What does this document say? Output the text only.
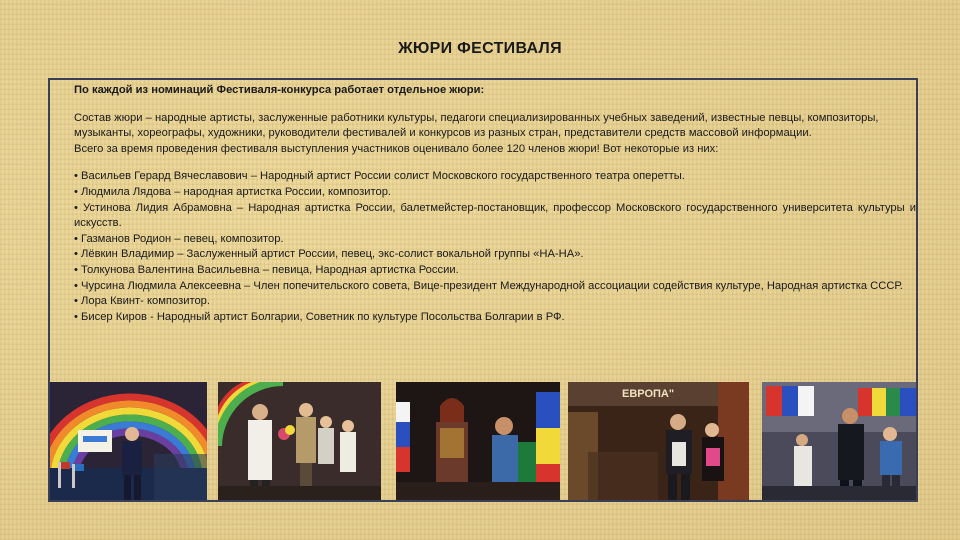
ЖЮРИ ФЕСТИВАЛЯ

По каждой из номинаций Фестиваля-конкурса работает отдельное жюри:

Состав жюри – народные артисты, заслуженные работники культуры, педагоги специализированных учебных заведений, известные певцы, композиторы, музыканты, хореографы, художники, руководители фестивалей и конкурсов из разных стран, представители средств массовой информации.

Всего за время проведения фестиваля выступления участников оценивало более 120 членов жюри! Вот некоторые из них:

• Васильев Герард Вячеславович – Народный артист России солист Московского государственного театра оперетты.

• Людмила Лядова – народная артистка России, композитор.

• Устинова Лидия Абрамовна – Народная артистка России, балетмейстер-постановщик, профессор Московского государственного университета культуры и искусств.

• Газманов Родион – певец, композитор.

• Лёвкин Владимир – Заслуженный артист России, певец, экс-солист вокальной группы «НА-НА».

• Толкунова Валентина Васильевна – певица, Народная артистка России.

• Чурсина Людмила Алексеевна – Член попечительского совета, Вице-президент Международной ассоциации содействия культуре, Народная артистка СССР.

• Лора Квинт- композитор.

• Бисер Киров - Народный артист Болгарии, Советник по культуре Посольства Болгарии в РФ.

ЕВРОПА"
